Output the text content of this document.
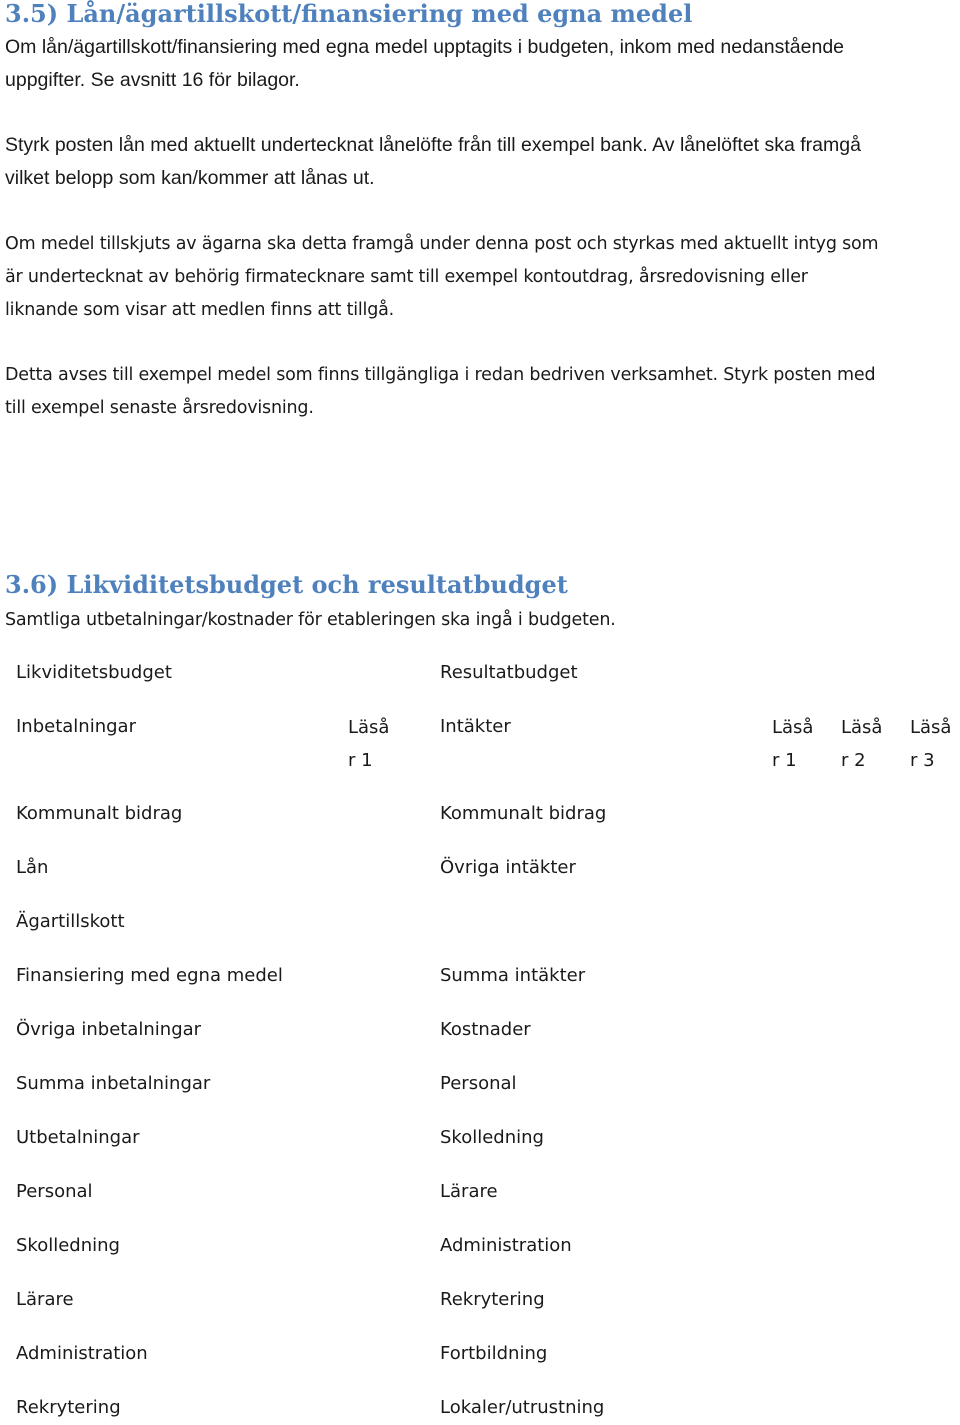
3.5) Lån/ägartillskott/finansiering med egna medel
Om lån/ägartillskott/finansiering med egna medel upptagits i budgeten, inkom med nedanstående
uppgifter. Se avsnitt 16 för bilagor.
Styrk posten lån med aktuellt undertecknat lånelöfte från till exempel bank. Av lånelöftet ska framgå
vilket belopp som kan/kommer att lånas ut.
Om medel tillskjuts av ägarna ska detta framgå under denna post och styrkas med aktuellt intyg som
är undertecknat av behörig firmatecknare samt till exempel kontoutdrag, årsredovisning eller
liknande som visar att medlen finns att tillgå.
Detta avses till exempel medel som finns tillgängliga i redan bedriven verksamhet. Styrk posten med
till exempel senaste årsredovisning.
3.6) Likviditetsbudget och resultatbudget
Samtliga utbetalningar/kostnader för etableringen ska ingå i budgeten.
Likviditetsbudget
Inbetalningar	Läså
r 1
Kommunalt bidrag
Lån
Ägartillskott
Finansiering med egna medel
Övriga inbetalningar
Summa inbetalningar
Utbetalningar
Personal
Skolledning
Lärare
Administration
Rekrytering
Resultatbudget
Intäkter	Läså
r 1
Läså
r 2
Läså
r 3
Kommunalt bidrag
Övriga intäkter
Summa intäkter
Kostnader
Personal
Skolledning
Lärare
Administration
Rekrytering
Fortbildning
Lokaler/utrustning
